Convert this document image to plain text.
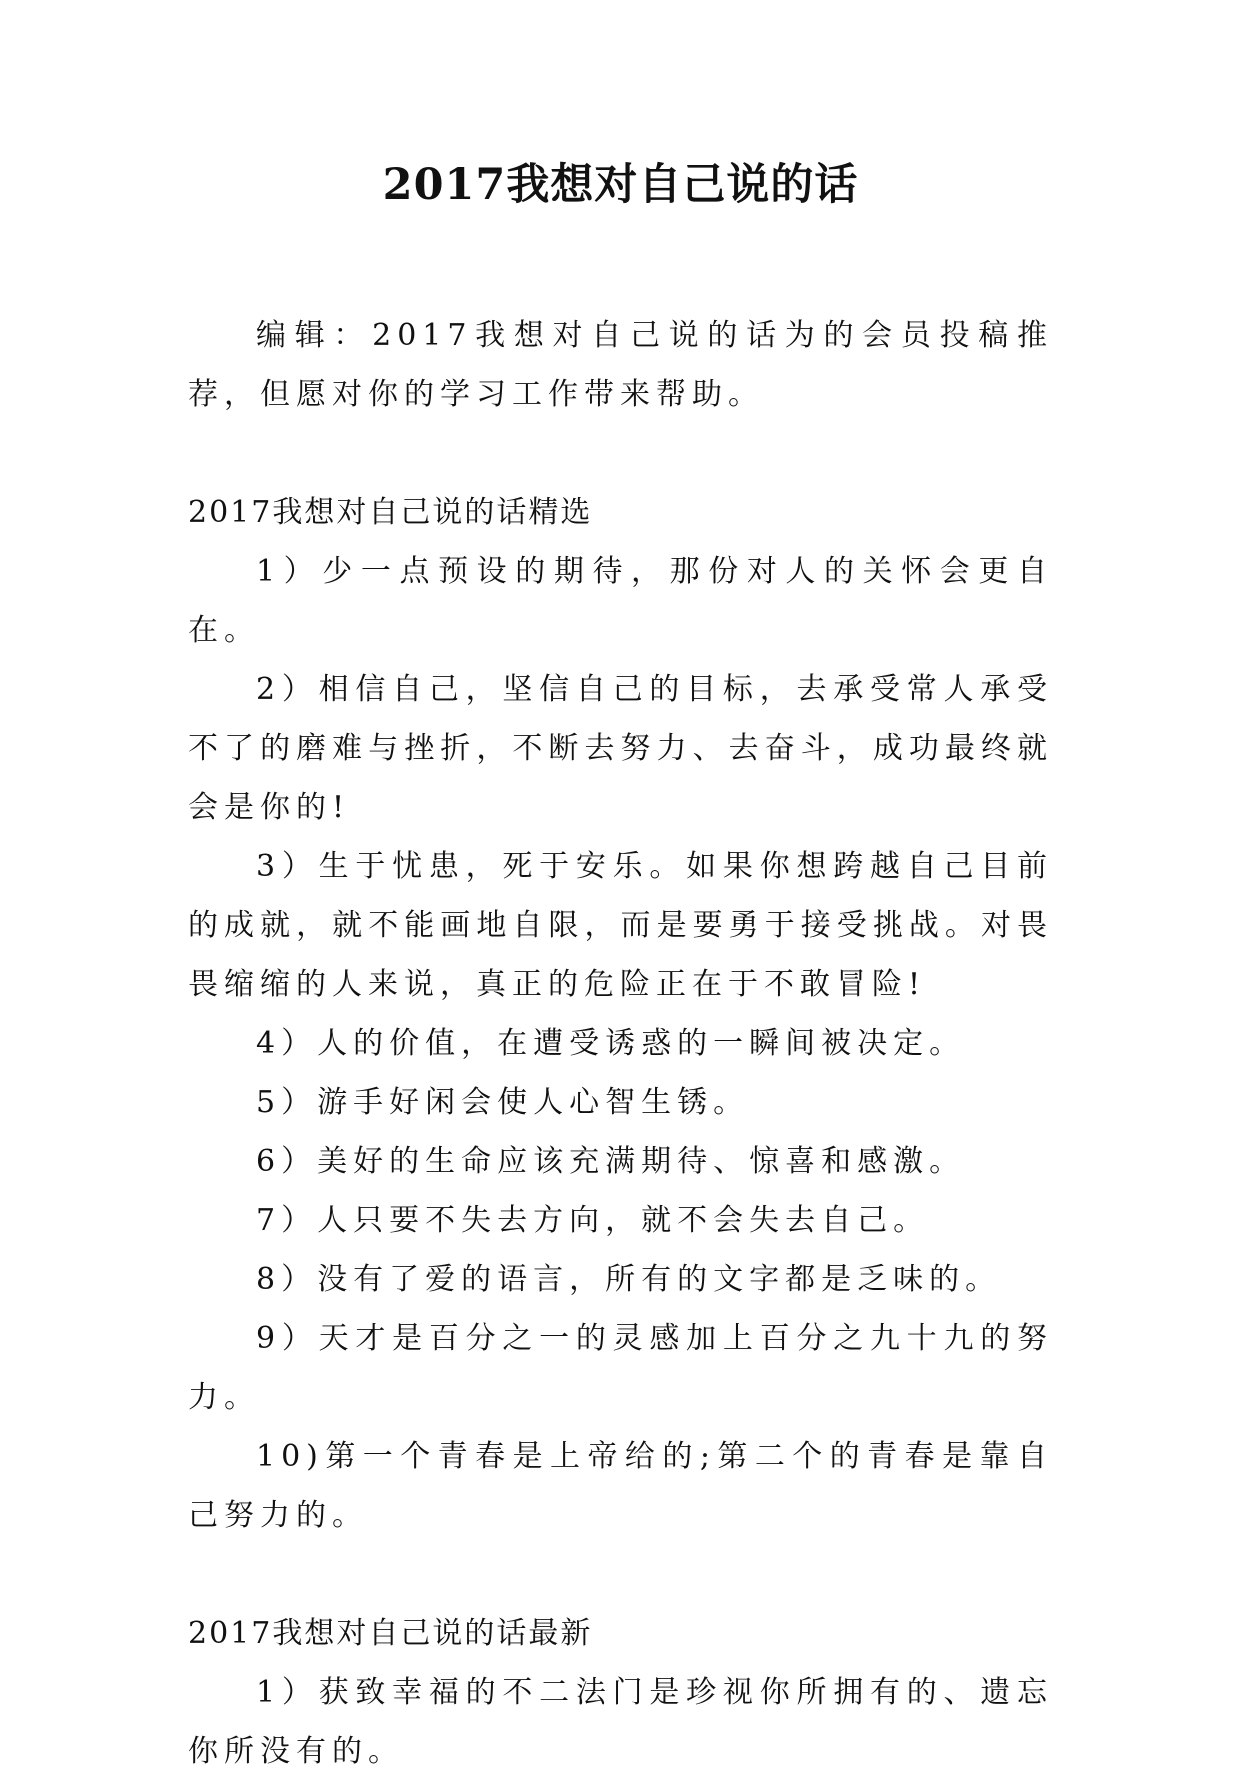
2017我想对自己说的话

编辑：2017我想对自己说的话为的会员投稿推荐，但愿对你的学习工作带来帮助。

2017我想对自己说的话精选

1）少一点预设的期待，那份对人的关怀会更自在。

2）相信自己，坚信自己的目标，去承受常人承受不了的磨难与挫折，不断去努力、去奋斗，成功最终就会是你的!

3）生于忧患，死于安乐。如果你想跨越自己目前的成就，就不能画地自限，而是要勇于接受挑战。对畏畏缩缩的人来说，真正的危险正在于不敢冒险!

4）人的价值，在遭受诱惑的一瞬间被决定。

5）游手好闲会使人心智生锈。

6）美好的生命应该充满期待、惊喜和感激。

7）人只要不失去方向，就不会失去自己。

8）没有了爱的语言，所有的文字都是乏味的。

9）天才是百分之一的灵感加上百分之九十九的努力。

10)第一个青春是上帝给的;第二个的青春是靠自己努力的。

2017我想对自己说的话最新

1）获致幸福的不二法门是珍视你所拥有的、遗忘你所没有的。
